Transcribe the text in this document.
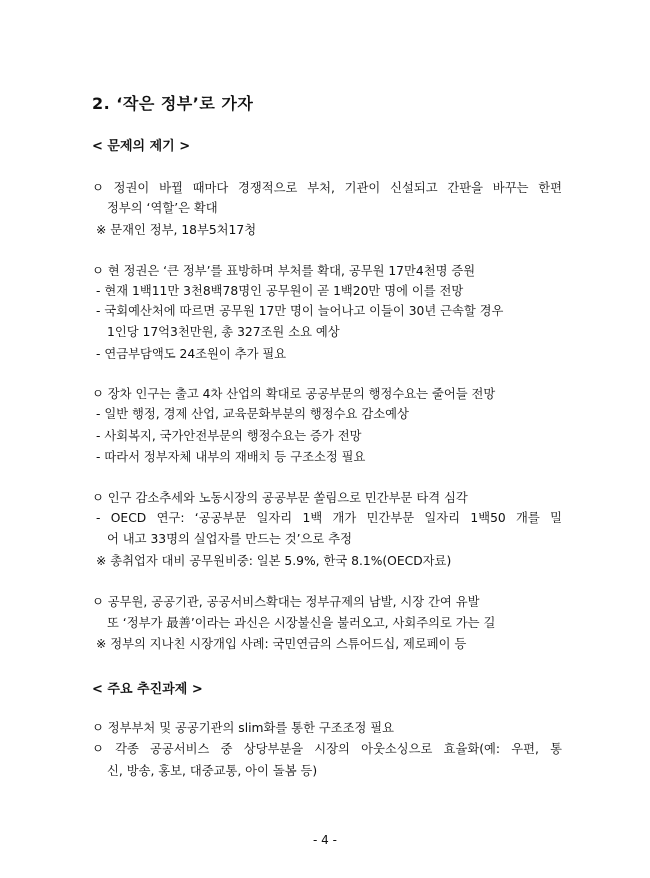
2. ‘작은 정부’로 가자
< 문제의 제기 >
ㅇ 정권이 바뀔 때마다 경쟁적으로 부처, 기관이 신설되고 간판을 바꾸는 한편
정부의 ‘역할’은 확대
※ 문재인 정부, 18부5처17청
ㅇ 현 정권은 ‘큰 정부’를 표방하며 부처를 확대, 공무원 17만4천명 증원
- 현재 1백11만 3천8백78명인 공무원이 곧 1백20만 명에 이를 전망
- 국회예산처에 따르면 공무원 17만 명이 늘어나고 이들이 30년 근속할 경우
1인당 17억3천만원, 총 327조원 소요 예상
- 연금부담액도 24조원이 추가 필요
ㅇ 장차 인구는 출고 4차 산업의 확대로 공공부문의 행정수요는 줄어들 전망
- 일반 행정, 경제 산업, 교육문화부분의 행정수요 감소예상
- 사회복지, 국가안전부문의 행정수요는 증가 전망
- 따라서 정부자체 내부의 재배치 등 구조소정 필요
ㅇ 인구 감소추세와 노동시장의 공공부문 쏠림으로 민간부문 타격 심각
- OECD 연구: ‘공공부문 일자리 1백 개가 민간부문 일자리 1백50 개를 밀
어 내고 33명의 실업자를 만드는 것’으로 추정
※ 총취업자 대비 공무원비중: 일본 5.9%, 한국 8.1%(OECD자료)
ㅇ 공무원, 공공기관, 공공서비스확대는 정부규제의 남발, 시장 간여 유발
또 ‘정부가 最善’이라는 과신은 시장불신을 불러오고, 사회주의로 가는 길
※ 정부의 지나친 시장개입 사례: 국민연금의 스튜어드십, 제로페이 등
< 주요 추진과제 >
ㅇ 정부부처 및 공공기관의 slim화를 통한 구조조정 필요
ㅇ 각종 공공서비스 중 상당부분을 시장의 아웃소싱으로 효율화(예: 우편, 통
신, 방송, 홍보, 대중교통, 아이 돌봄 등)
- 4 -
